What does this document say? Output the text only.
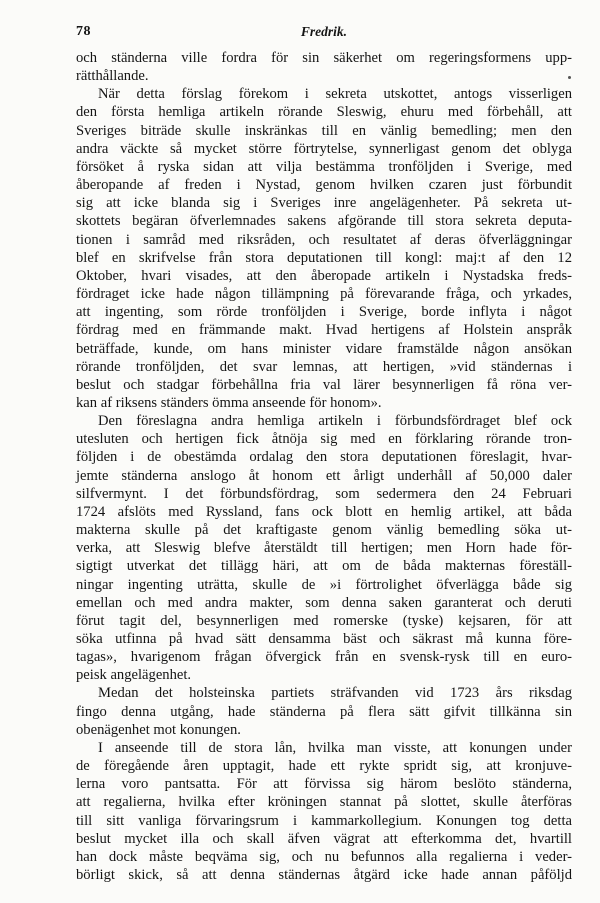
78	Fredrik.

och ständerna ville fordra för sin säkerhet om regeringsformens upp-

rätthållande.

När detta förslag förekom i sekreta utskottet, antogs visserligen

den första hemliga artikeln rörande Sleswig, ehuru med förbehåll, att

Sveriges biträde skulle inskränkas till en vänlig bemedling; men den

andra väckte så mycket större förtrytelse, synnerligast genom det oblyga

försöket å ryska sidan att vilja bestämma tronföljden i Sverige, med

åberopande af freden i Nystad, genom hvilken czaren just förbundit

sig att icke blanda sig i Sveriges inre angelägenheter. På sekreta ut-

skottets begäran öfverlemnades sakens afgörande till stora sekreta deputa-

tionen i samråd med riksråden, och resultatet af deras öfverläggningar

blef en skrifvelse från stora deputationen till kongl: maj:t af den 12

Oktober, hvari visades, att den åberopade artikeln i Nystadska freds-

fördraget icke hade någon tillämpning på förevarande fråga, och yrkades,

att ingenting, som rörde tronföljden i Sverige, borde inflyta i något

fördrag med en främmande makt. Hvad hertigens af Holstein anspråk

beträffade, kunde, om hans minister vidare framstälde någon ansökan

rörande tronföljden, det svar lemnas, att hertigen, »vid ständernas i

beslut och stadgar förbehållna fria val lärer besynnerligen få röna ver-

kan af riksens ständers ömma anseende för honom».

Den föreslagna andra hemliga artikeln i förbundsfördraget blef ock

utesluten och hertigen fick åtnöja sig med en förklaring rörande tron-

följden i de obestämda ordalag den stora deputationen föreslagit, hvar-

jemte ständerna anslogo åt honom ett årligt underhåll af 50,000 daler

silfvermynt. I det förbundsfördrag, som sedermera den 24 Februari

1724 afslöts med Ryssland, fans ock blott en hemlig artikel, att båda

makterna skulle på det kraftigaste genom vänlig bemedling söka ut-

verka, att Sleswig blefve återstäldt till hertigen; men Horn hade för-

sigtigt utverkat det tillägg häri, att om de båda makternas föreställ-

ningar ingenting uträtta, skulle de »i förtrolighet öfverlägga både sig

emellan och med andra makter, som denna saken garanterat och deruti

förut tagit del, besynnerligen med romerske (tyske) kejsaren, för att

söka utfinna på hvad sätt densamma bäst och säkrast må kunna före-

tagas», hvarigenom frågan öfvergick från en svensk-rysk till en euro-

peisk angelägenhet.

Medan det holsteinska partiets sträfvanden vid 1723 års riksdag

fingo denna utgång, hade ständerna på flera sätt gifvit tillkänna sin

obenägenhet mot konungen.

I anseende till de stora lån, hvilka man visste, att konungen under

de föregående åren upptagit, hade ett rykte spridt sig, att kronjuve-

lerna voro pantsatta. För att förvissa sig härom beslöto ständerna,

att regalierna, hvilka efter kröningen stannat på slottet, skulle återföras

till sitt vanliga förvaringsrum i kammarkollegium. Konungen tog detta

beslut mycket illa och skall äfven vägrat att efterkomma det, hvartill

han dock måste beqväma sig, och nu befunnos alla regalierna i veder-

börligt skick, så att denna ständernas åtgärd icke hade annan påföljd
